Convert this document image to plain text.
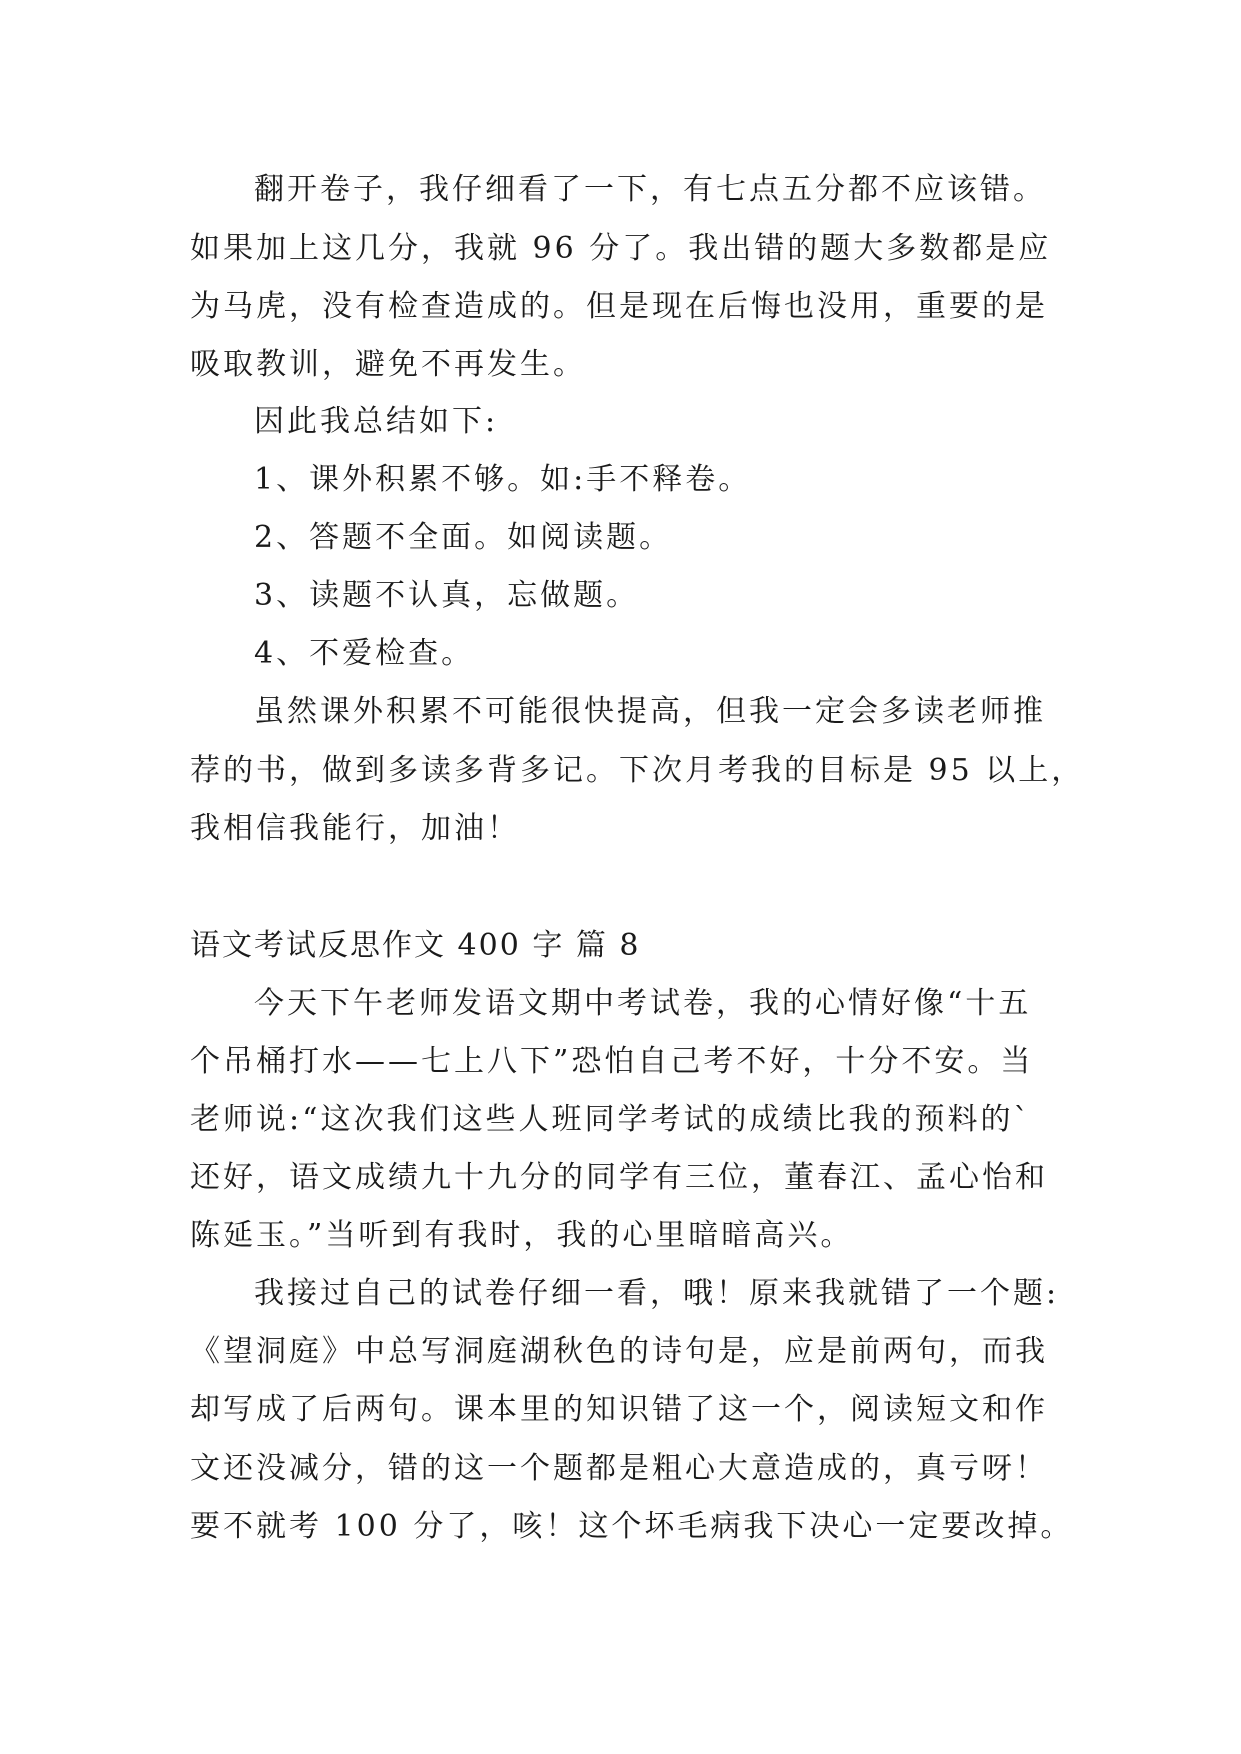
翻开卷子，我仔细看了一下，有七点五分都不应该错。
如果加上这几分，我就 96 分了。我出错的题大多数都是应
为马虎，没有检查造成的。但是现在后悔也没用，重要的是
吸取教训，避免不再发生。
因此我总结如下:
1、课外积累不够。如:手不释卷。
2、答题不全面。如阅读题。
3、读题不认真，忘做题。
4、不爱检查。
虽然课外积累不可能很快提高，但我一定会多读老师推
荐的书，做到多读多背多记。下次月考我的目标是 95 以上，
我相信我能行，加油！
语文考试反思作文 400 字 篇 8
今天下午老师发语文期中考试卷，我的心情好像“十五
个吊桶打水——七上八下”恐怕自己考不好，十分不安。当
老师说:“这次我们这些人班同学考试的成绩比我的预料的`
还好，语文成绩九十九分的同学有三位，董春江、孟心怡和
陈延玉。”当听到有我时，我的心里暗暗高兴。
我接过自己的试卷仔细一看，哦！原来我就错了一个题:
《望洞庭》中总写洞庭湖秋色的诗句是，应是前两句，而我
却写成了后两句。课本里的知识错了这一个，阅读短文和作
文还没减分，错的这一个题都是粗心大意造成的，真亏呀！
要不就考 100 分了，咳！这个坏毛病我下决心一定要改掉。
